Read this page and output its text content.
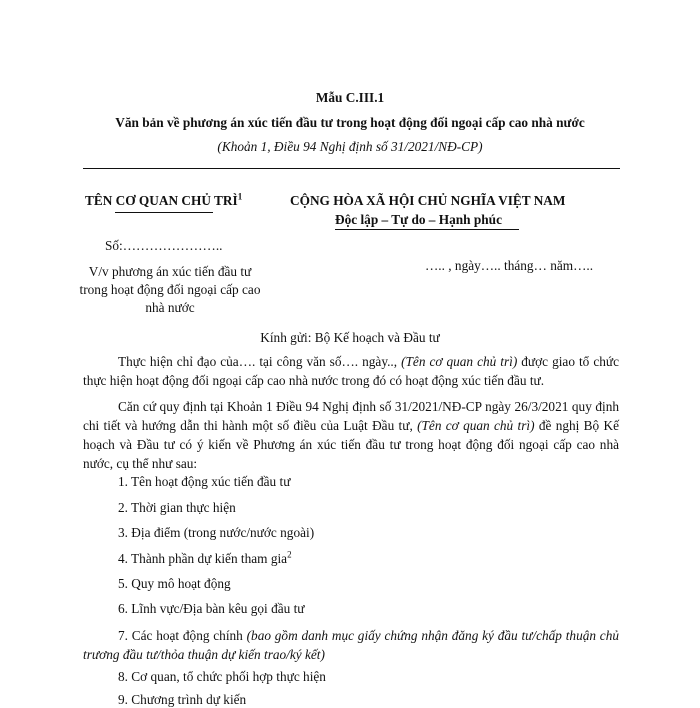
Mẫu C.III.1
Văn bản về phương án xúc tiến đầu tư trong hoạt động đối ngoại cấp cao nhà nước
(Khoản 1, Điều 94 Nghị định số 31/2021/NĐ-CP)
TÊN CƠ QUAN CHỦ TRÌ$^1$	CỘNG HÒA XÃ HỘI CHỦ NGHĨA VIỆT NAM
Độc lập – Tự do – Hạnh phúc
Số:…………………..
….. , ngày….. tháng… năm…..
V/v phương án xúc tiến đầu tư
trong hoạt động đối ngoại cấp cao
nhà nước
Kính gửi: Bộ Kế hoạch và Đầu tư
Thực hiện chỉ đạo của…. tại công văn số…. ngày.., (Tên cơ quan chủ trì) được giao tổ chức thực hiện hoạt động đối ngoại cấp cao nhà nước trong đó có hoạt động xúc tiến đầu tư.
Căn cứ quy định tại Khoản 1 Điều 94 Nghị định số 31/2021/NĐ-CP ngày 26/3/2021 quy định chi tiết và hướng dẫn thi hành một số điều của Luật Đầu tư, (Tên cơ quan chủ trì) đề nghị Bộ Kế hoạch và Đầu tư có ý kiến về Phương án xúc tiến đầu tư trong hoạt động đối ngoại cấp cao nhà nước, cụ thể như sau:
1. Tên hoạt động xúc tiến đầu tư
2. Thời gian thực hiện
3. Địa điểm (trong nước/nước ngoài)
4. Thành phần dự kiến tham gia$^2$
5. Quy mô hoạt động
6. Lĩnh vực/Địa bàn kêu gọi đầu tư
7. Các hoạt động chính (bao gồm danh mục giấy chứng nhận đăng ký đầu tư/chấp thuận chủ trương đầu tư/thỏa thuận dự kiến trao/ký kết)
8. Cơ quan, tổ chức phối hợp thực hiện
9. Chương trình dự kiến
